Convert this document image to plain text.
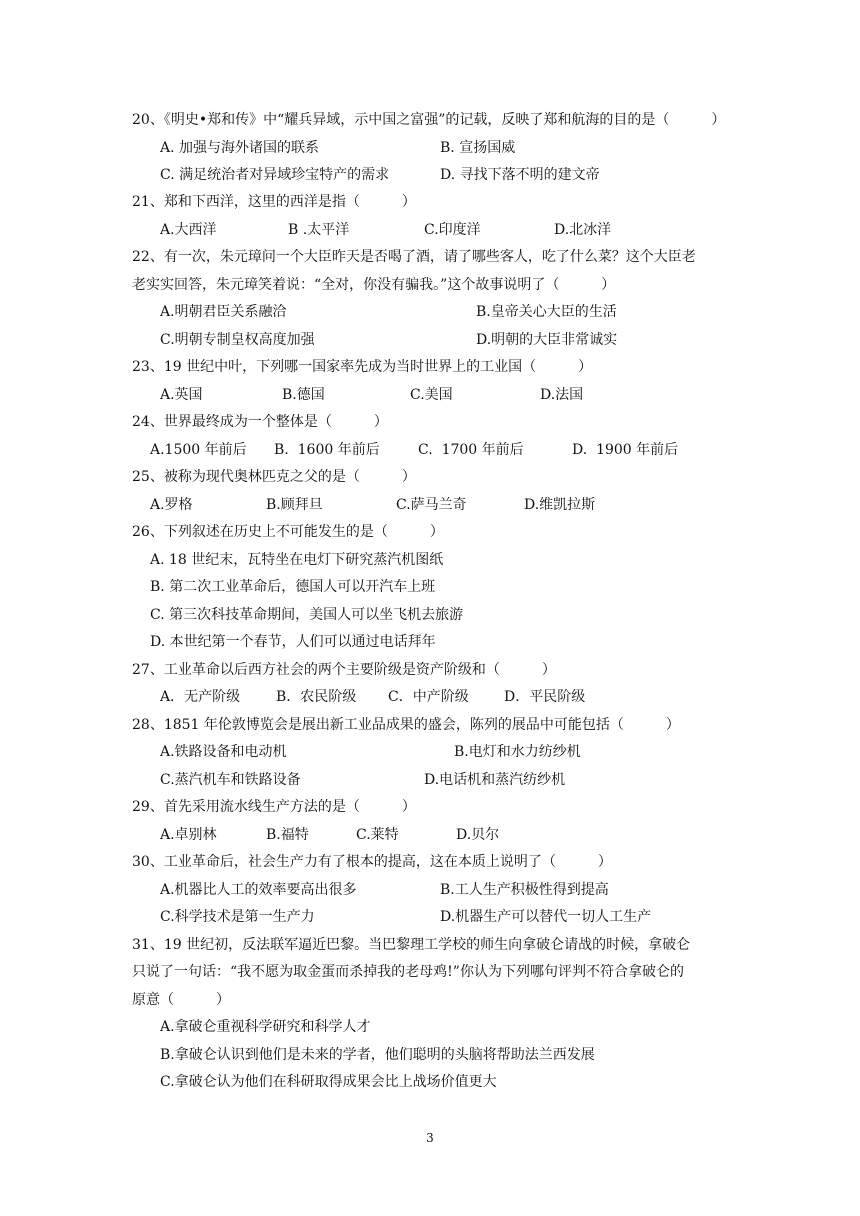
20、《明史•郑和传》中“耀兵异域，示中国之富强”的记载，反映了郑和航海的目的是（　　　）
A. 加强与海外诸国的联系	B. 宣扬国威
C. 满足统治者对异域珍宝特产的需求	D. 寻找下落不明的建文帝
21、郑和下西洋，这里的西洋是指（　　　）
A.大西洋	B .太平洋	C.印度洋	D.北冰洋
22、有一次，朱元璋问一个大臣昨天是否喝了酒，请了哪些客人，吃了什么菜？这个大臣老
老实实回答，朱元璋笑着说：“全对，你没有骗我。”这个故事说明了（　　　）
A.明朝君臣关系融洽	B.皇帝关心大臣的生活
C.明朝专制皇权高度加强	D.明朝的大臣非常诚实
23、19 世纪中叶，下列哪一国家率先成为当时世界上的工业国（　　　）
A.英国	B.德国	C.美国	D.法国
24、世界最终成为一个整体是（　　　）
A.1500 年前后 B.  1600 年前后	C.  1700 年前后	D.  1900 年前后
25、被称为现代奥林匹克之父的是（　　　）
A.罗格	B.顾拜旦	C.萨马兰奇	D.维凯拉斯
26、下列叙述在历史上不可能发生的是（　　　）
A. 18 世纪末，瓦特坐在电灯下研究蒸汽机图纸
B. 第二次工业革命后，德国人可以开汽车上班
C. 第三次科技革命期间，美国人可以坐飞机去旅游
D. 本世纪第一个春节，人们可以通过电话拜年
27、工业革命以后西方社会的两个主要阶级是资产阶级和（　　　）
A．无产阶级	B．农民阶级 C．中产阶级	D．平民阶级
28、1851 年伦敦博览会是展出新工业品成果的盛会，陈列的展品中可能包括（　　　）
A.铁路设备和电动机	B.电灯和水力纺纱机
C.蒸汽机车和铁路设备	D.电话机和蒸汽纺纱机
29、首先采用流水线生产方法的是（　　　）
A.卓别林	B.福特	C.莱特	D.贝尔
30、工业革命后，社会生产力有了根本的提高，这在本质上说明了（　　　）
A.机器比人工的效率要高出很多	B.工人生产积极性得到提高
C.科学技术是第一生产力	D.机器生产可以替代一切人工生产
31、19 世纪初，反法联军逼近巴黎。当巴黎理工学校的师生向拿破仑请战的时候，拿破仑
只说了一句话：“我不愿为取金蛋而杀掉我的老母鸡!”你认为下列哪句评判不符合拿破仑的
原意（　　　）
A.拿破仑重视科学研究和科学人才
B.拿破仑认识到他们是未来的学者，他们聪明的头脑将帮助法兰西发展
C.拿破仑认为他们在科研取得成果会比上战场价值更大
3
